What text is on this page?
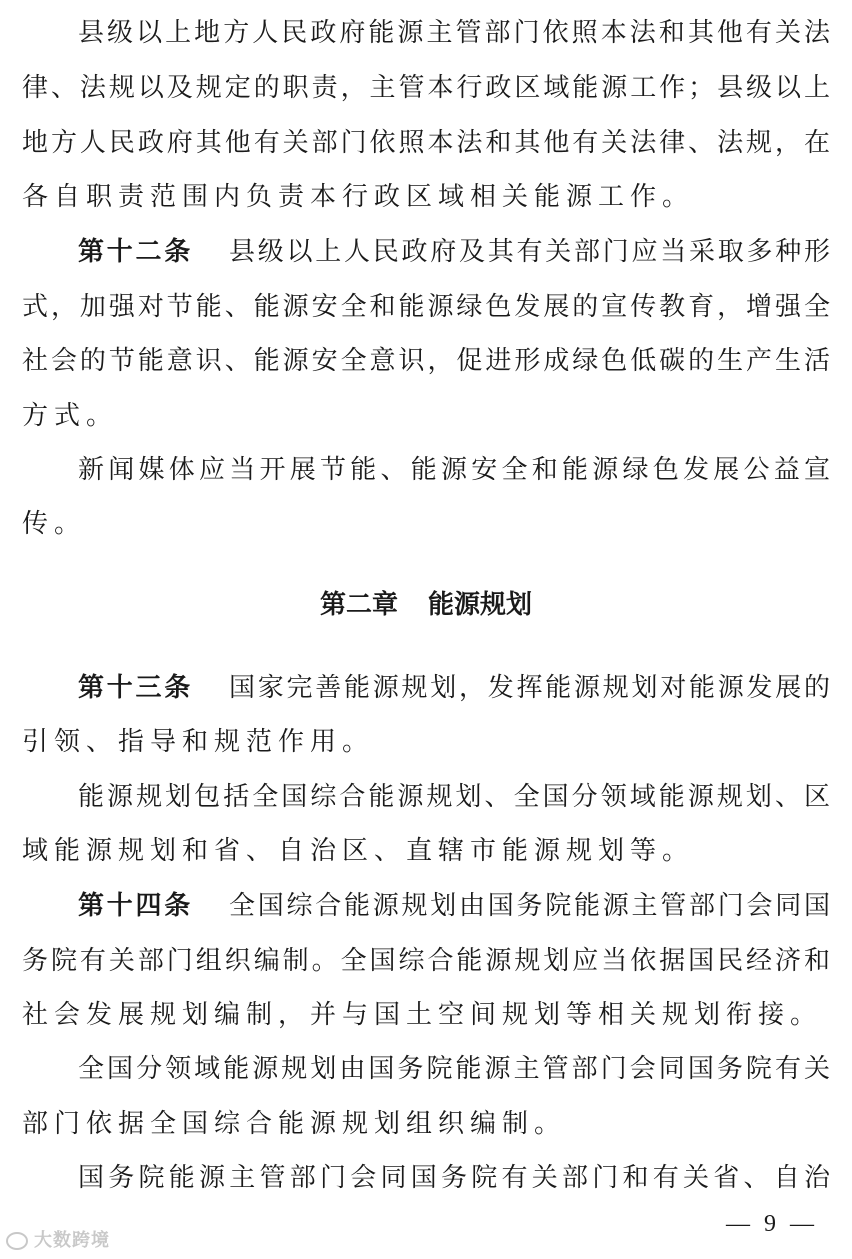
县级以上地方人民政府能源主管部门依照本法和其他有关法
律、法规以及规定的职责，主管本行政区域能源工作；县级以上
地方人民政府其他有关部门依照本法和其他有关法律、法规，在
各自职责范围内负责本行政区域相关能源工作。
第十二条 县级以上人民政府及其有关部门应当采取多种形
式，加强对节能、能源安全和能源绿色发展的宣传教育，增强全
社会的节能意识、能源安全意识，促进形成绿色低碳的生产生活
方式。
新闻媒体应当开展节能、能源安全和能源绿色发展公益宣
传。
第二章 能源规划
第十三条 国家完善能源规划，发挥能源规划对能源发展的
引领、指导和规范作用。
能源规划包括全国综合能源规划、全国分领域能源规划、区
域能源规划和省、自治区、直辖市能源规划等。
第十四条 全国综合能源规划由国务院能源主管部门会同国
务院有关部门组织编制。全国综合能源规划应当依据国民经济和
社会发展规划编制，并与国土空间规划等相关规划衔接。
全国分领域能源规划由国务院能源主管部门会同国务院有关
部门依据全国综合能源规划组织编制。
国务院能源主管部门会同国务院有关部门和有关省、自治
— 9 —
大数跨境
